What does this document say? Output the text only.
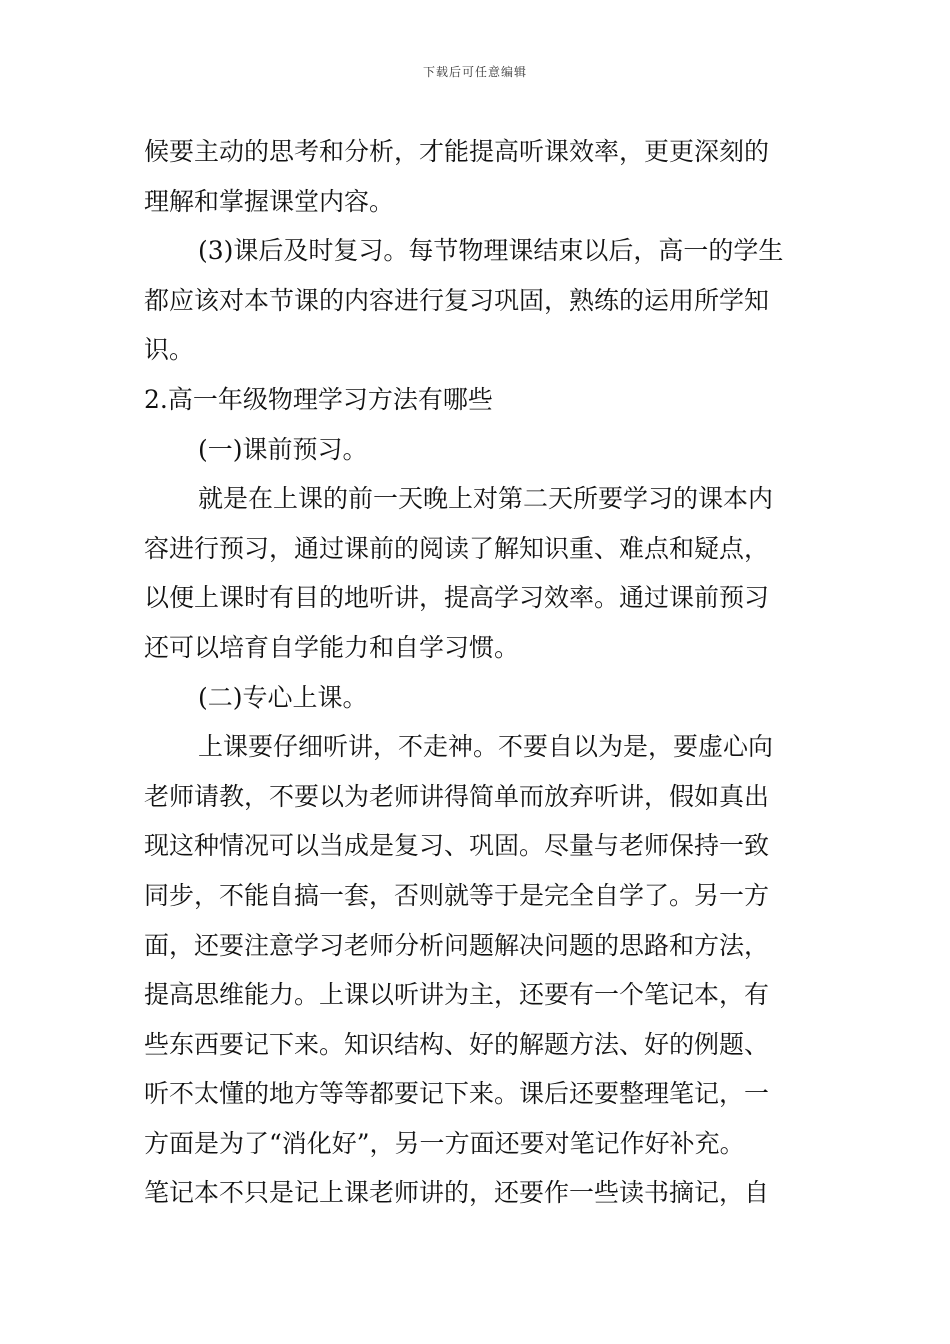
下载后可任意编辑
候要主动的思考和分析，才能提高听课效率，更更深刻的
理解和掌握课堂内容。
(3)课后及时复习。每节物理课结束以后，高一的学生
都应该对本节课的内容进行复习巩固，熟练的运用所学知
识。
2.高一年级物理学习方法有哪些
(一)课前预习。
就是在上课的前一天晚上对第二天所要学习的课本内
容进行预习，通过课前的阅读了解知识重、难点和疑点，
以便上课时有目的地听讲，提高学习效率。通过课前预习
还可以培育自学能力和自学习惯。
(二)专心上课。
上课要仔细听讲，不走神。不要自以为是，要虚心向
老师请教，不要以为老师讲得简单而放弃听讲，假如真出
现这种情况可以当成是复习、巩固。尽量与老师保持一致
同步，不能自搞一套，否则就等于是完全自学了。另一方
面，还要注意学习老师分析问题解决问题的思路和方法，
提高思维能力。上课以听讲为主，还要有一个笔记本，有
些东西要记下来。知识结构、好的解题方法、好的例题、
听不太懂的地方等等都要记下来。课后还要整理笔记，一
方面是为了“消化好”，另一方面还要对笔记作好补充。
笔记本不只是记上课老师讲的，还要作一些读书摘记，自
